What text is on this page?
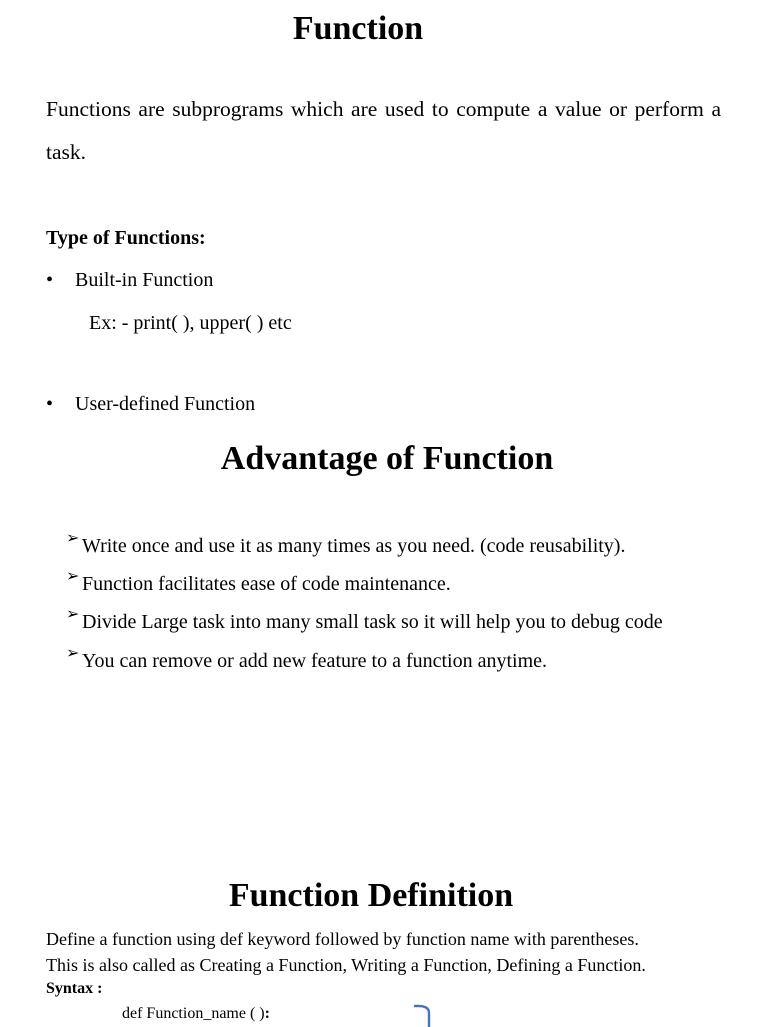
Function
Functions are subprograms which are used to compute a value or perform a task.
Type of Functions:
• Built-in Function
Ex: - print( ), upper( ) etc
• User-defined Function
Advantage of Function
➢ Write once and use it as many times as you need. (code reusability).
➢ Function facilitates ease of code maintenance.
➢ Divide Large task into many small task so it will help you to debug code
➢ You can remove or add new feature to a function anytime.
Function Definition
Define a function using def keyword followed by function name with parentheses.
This is also called as Creating a Function, Writing a Function, Defining a Function.
Syntax :
def Function_name ( ):
